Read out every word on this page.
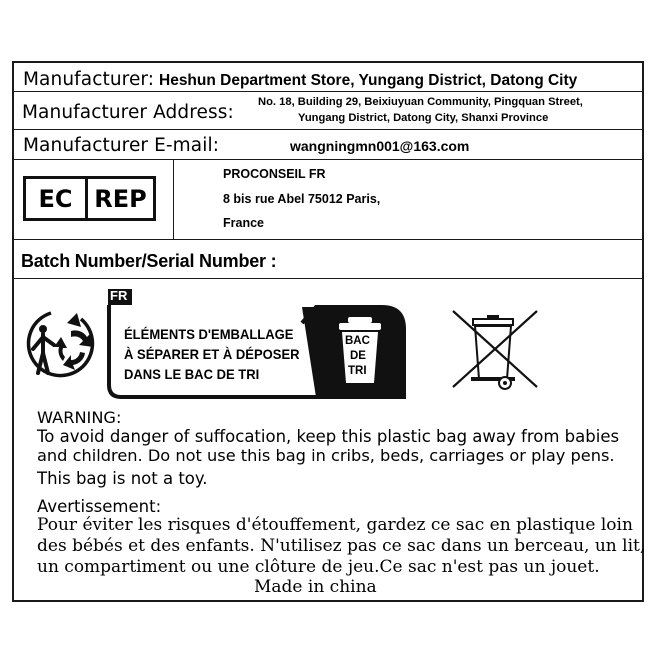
Manufacturer: Heshun Department Store, Yungang District, Datong City
Manufacturer Address: No. 18, Building 29, Beixiuyuan Community, Pingquan Street,
Yungang District, Datong City, Shanxi Province
Manufacturer E-mail:	wangningmn001@163.com
EC REP
PROCONSEIL FR
8 bis rue Abel 75012 Paris,
France
Batch Number/Serial Number :
FR
ÉLÉMENTS D'EMBALLAGE
À SÉPARER ET À DÉPOSER
DANS LE BAC DE TRI
BAC
DE
TRI
WARNING:
To avoid danger of suffocation, keep this plastic bag away from babies
and children. Do not use this bag in cribs, beds, carriages or play pens.
This bag is not a toy.
Avertissement:
Pour éviter les risques d'étouffement, gardez ce sac en plastique loin
des bébés et des enfants. N'utilisez pas ce sac dans un berceau, un lit,
un compartiment ou une clôture de jeu.Ce sac n'est pas un jouet.
Made in china
